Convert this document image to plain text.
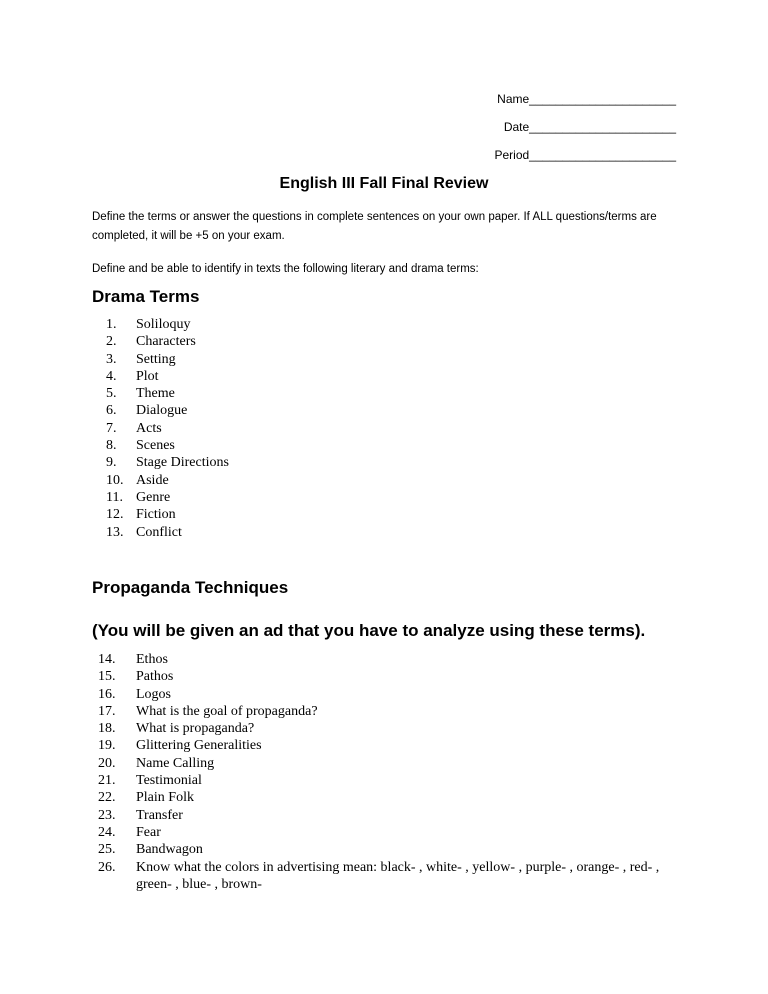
Name______________________
Date______________________
Period______________________
English III Fall Final Review
Define the terms or answer the questions in complete sentences on your own paper. If ALL questions/terms are completed, it will be +5 on your exam.
Define and be able to identify in texts the following literary and drama terms:
Drama Terms
1.	Soliloquy
2.	Characters
3.	Setting
4.	Plot
5.	Theme
6.	Dialogue
7.	Acts
8.	Scenes
9.	Stage Directions
10. Aside
11. Genre
12. Fiction
13. Conflict
Propaganda Techniques
(You will be given an ad that you have to analyze using these terms).
14.	Ethos
15.	Pathos
16.	Logos
17.	What is the goal of propaganda?
18.	What is propaganda?
19.	Glittering Generalities
20.	Name Calling
21.	Testimonial
22.	Plain Folk
23.	Transfer
24.	Fear
25.	Bandwagon
26.	Know what the colors in advertising mean: black- , white- , yellow- , purple- , orange- , red- , green- , blue- , brown-
